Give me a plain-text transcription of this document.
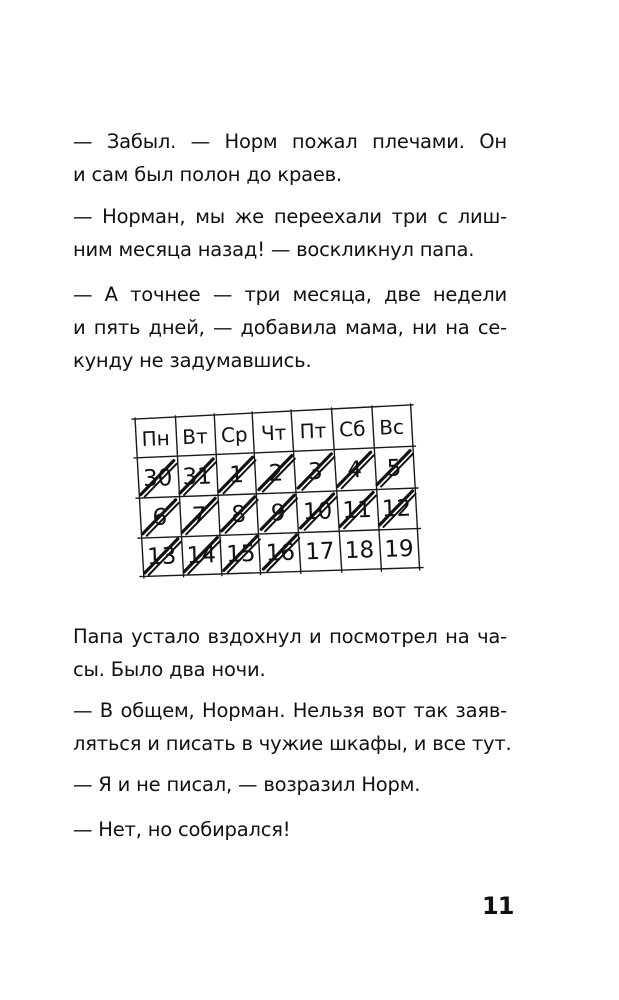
— Забыл. — Норм пожал плечами. Он
и сам был полон до краев.
— Норман, мы же переехали три с лиш-
ним месяца назад! — воскликнул папа.
— А точнее — три месяца, две недели
и пять дней, — добавила мама, ни на се-
кунду не задумавшись.
Пн Вт Ср Чт Пт Сб Вс
30 31 1 2 3 4 5
6 7 8 9 10 11 12
13 14 15 16 17 18 19
Папа устало вздохнул и посмотрел на ча-
сы. Было два ночи.
— В общем, Норман. Нельзя вот так заяв-
ляться и писать в чужие шкафы, и все тут.
— Я и не писал, — возразил Норм.
— Нет, но собирался!
11
